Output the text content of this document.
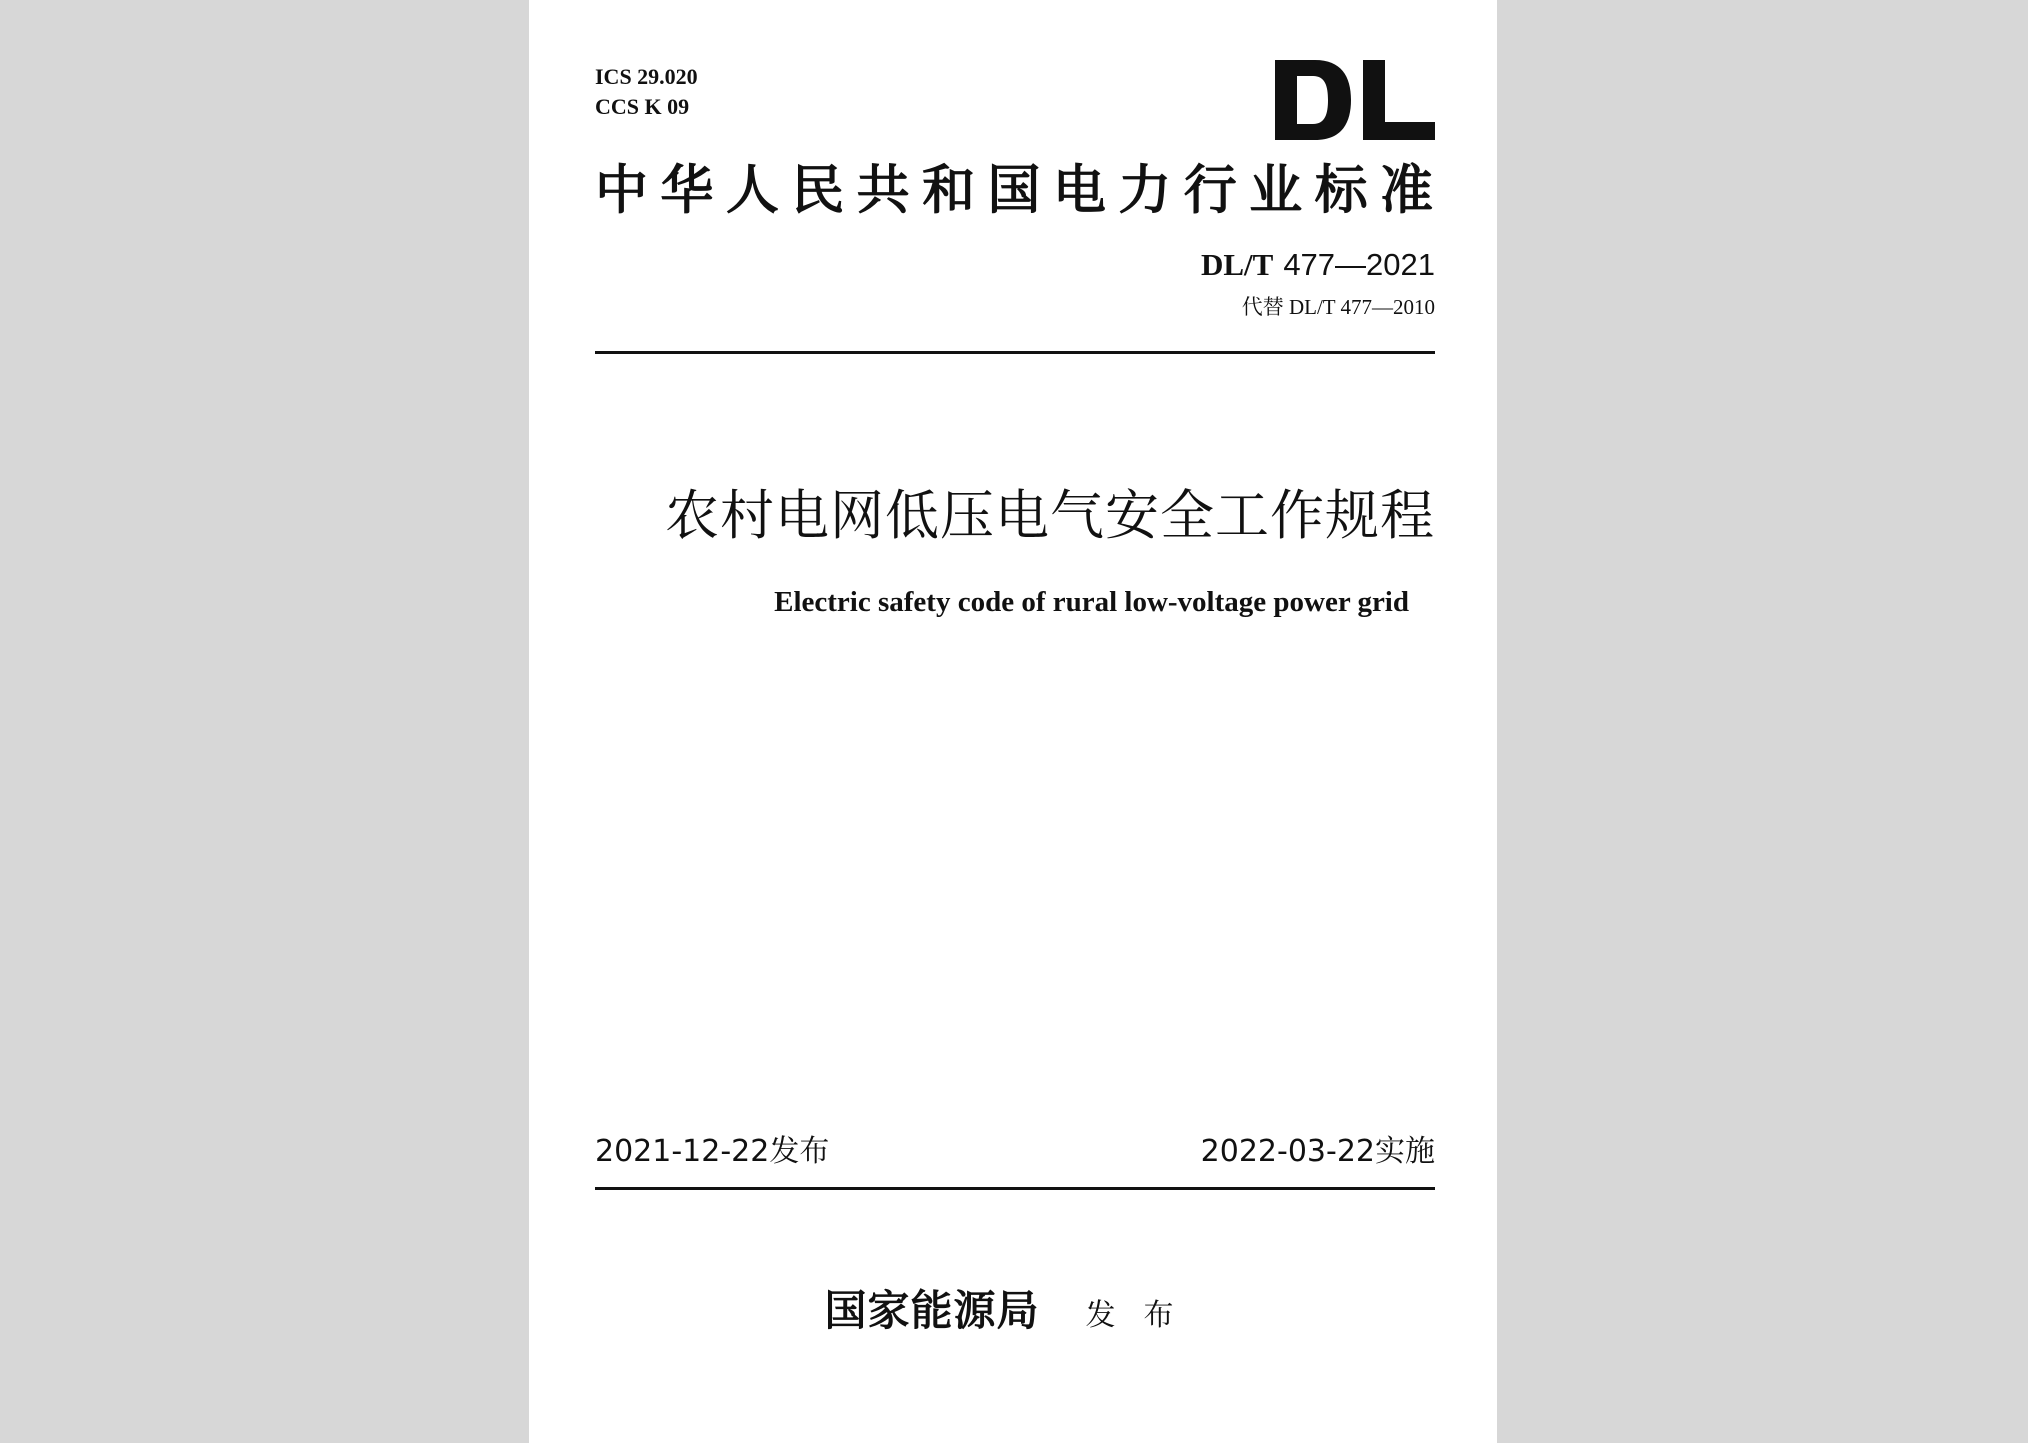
ICS 29.020
CCS K 09
中华人民共和国电力行业标准
DL/T 477—2021
代替 DL/T 477—2010
农村电网低压电气安全工作规程
Electric safety code of rural low-voltage power grid
2021-12-22发布	2022-03-22实施
国家能源局 发布
